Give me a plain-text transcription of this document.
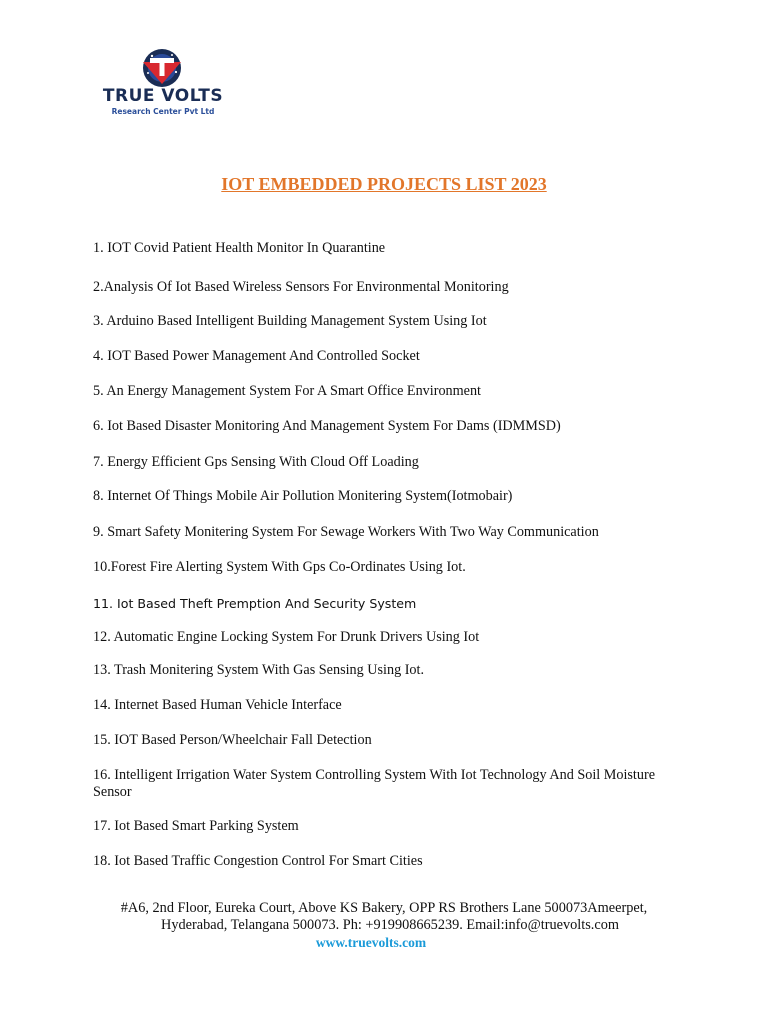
TRUE VOLTS
Research Center Pvt Ltd
IOT EMBEDDED PROJECTS LIST 2023
1. IOT Covid Patient Health Monitor In Quarantine
2.Analysis Of Iot Based Wireless Sensors For Environmental Monitoring
3. Arduino Based Intelligent Building Management System Using Iot
4. IOT Based Power Management And Controlled Socket
5. An Energy Management System For A Smart Office Environment
6. Iot Based Disaster Monitoring And Management System For Dams (IDMMSD)
7. Energy Efficient Gps Sensing With Cloud Off Loading
8. Internet Of Things Mobile Air Pollution Monitering System(Iotmobair)
9. Smart Safety Monitering System For Sewage Workers With Two Way Communication
10.Forest Fire Alerting System With Gps Co-Ordinates Using Iot.
11. Iot Based Theft Premption And Security System
12. Automatic Engine Locking System For Drunk Drivers Using Iot
13. Trash Monitering System With Gas Sensing Using Iot.
14. Internet Based Human Vehicle Interface
15. IOT Based Person/Wheelchair Fall Detection
16. Intelligent Irrigation Water System Controlling System With Iot Technology And Soil Moisture Sensor
17. Iot Based Smart Parking System
18. Iot Based Traffic Congestion Control For Smart Cities
#A6, 2nd Floor, Eureka Court, Above KS Bakery, OPP RS Brothers Lane 500073Ameerpet,
Hyderabad, Telangana 500073. Ph: +919908665239. Email:info@truevolts.com
www.truevolts.com
